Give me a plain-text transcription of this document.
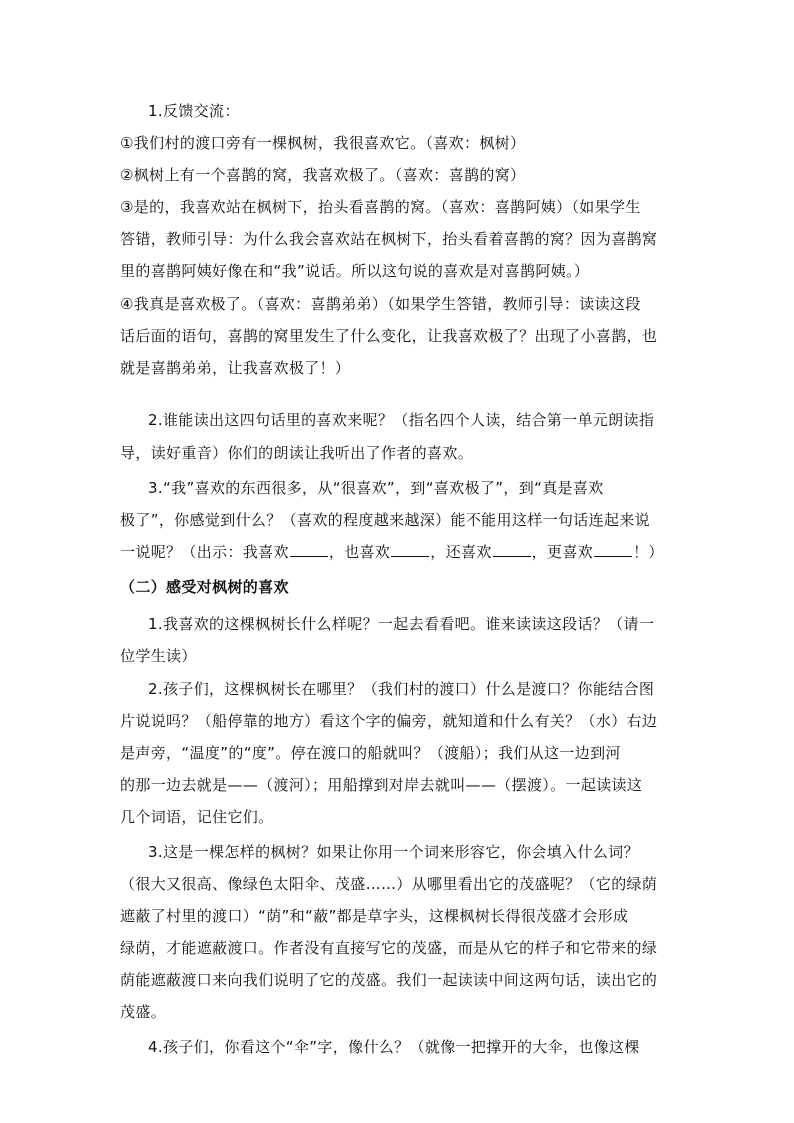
1.反馈交流：
①我们村的渡口旁有一棵枫树，我很喜欢它。（喜欢：枫树）
②枫树上有一个喜鹊的窝，我喜欢极了。（喜欢：喜鹊的窝）
③是的，我喜欢站在枫树下，抬头看喜鹊的窝。（喜欢：喜鹊阿姨）（如果学生
答错，教师引导：为什么我会喜欢站在枫树下，抬头看着喜鹊的窝？因为喜鹊窝
里的喜鹊阿姨好像在和“我”说话。所以这句说的喜欢是对喜鹊阿姨。）
④我真是喜欢极了。（喜欢：喜鹊弟弟）（如果学生答错，教师引导：读读这段
话后面的语句，喜鹊的窝里发生了什么变化，让我喜欢极了？出现了小喜鹊，也
就是喜鹊弟弟，让我喜欢极了！）
2.谁能读出这四句话里的喜欢来呢？（指名四个人读，结合第一单元朗读指
导，读好重音）你们的朗读让我听出了作者的喜欢。
3.“我”喜欢的东西很多，从“很喜欢”，到“喜欢极了”，到“真是喜欢
极了”，你感觉到什么？（喜欢的程度越来越深）能不能用这样一句话连起来说
一说呢？（出示：我喜欢	，也喜欢	，还喜欢	，更喜欢	！）
（二）感受对枫树的喜欢
1.我喜欢的这棵枫树长什么样呢？一起去看看吧。谁来读读这段话？（请一
位学生读）
2.孩子们，这棵枫树长在哪里？（我们村的渡口）什么是渡口？你能结合图
片说说吗？（船停靠的地方）看这个字的偏旁，就知道和什么有关？（水）右边
是声旁，“温度”的“度”。停在渡口的船就叫？（渡船）；我们从这一边到河
的那一边去就是——（渡河）；用船撑到对岸去就叫——（摆渡）。一起读读这
几个词语，记住它们。
3.这是一棵怎样的枫树？如果让你用一个词来形容它，你会填入什么词？
（很大又很高、像绿色太阳伞、茂盛……）从哪里看出它的茂盛呢？（它的绿荫
遮蔽了村里的渡口）“荫”和“蔽”都是草字头，这棵枫树长得很茂盛才会形成
绿荫，才能遮蔽渡口。作者没有直接写它的茂盛，而是从它的样子和它带来的绿
荫能遮蔽渡口来向我们说明了它的茂盛。我们一起读读中间这两句话，读出它的
茂盛。
4.孩子们，你看这个“伞”字，像什么？（就像一把撑开的大伞，也像这棵
